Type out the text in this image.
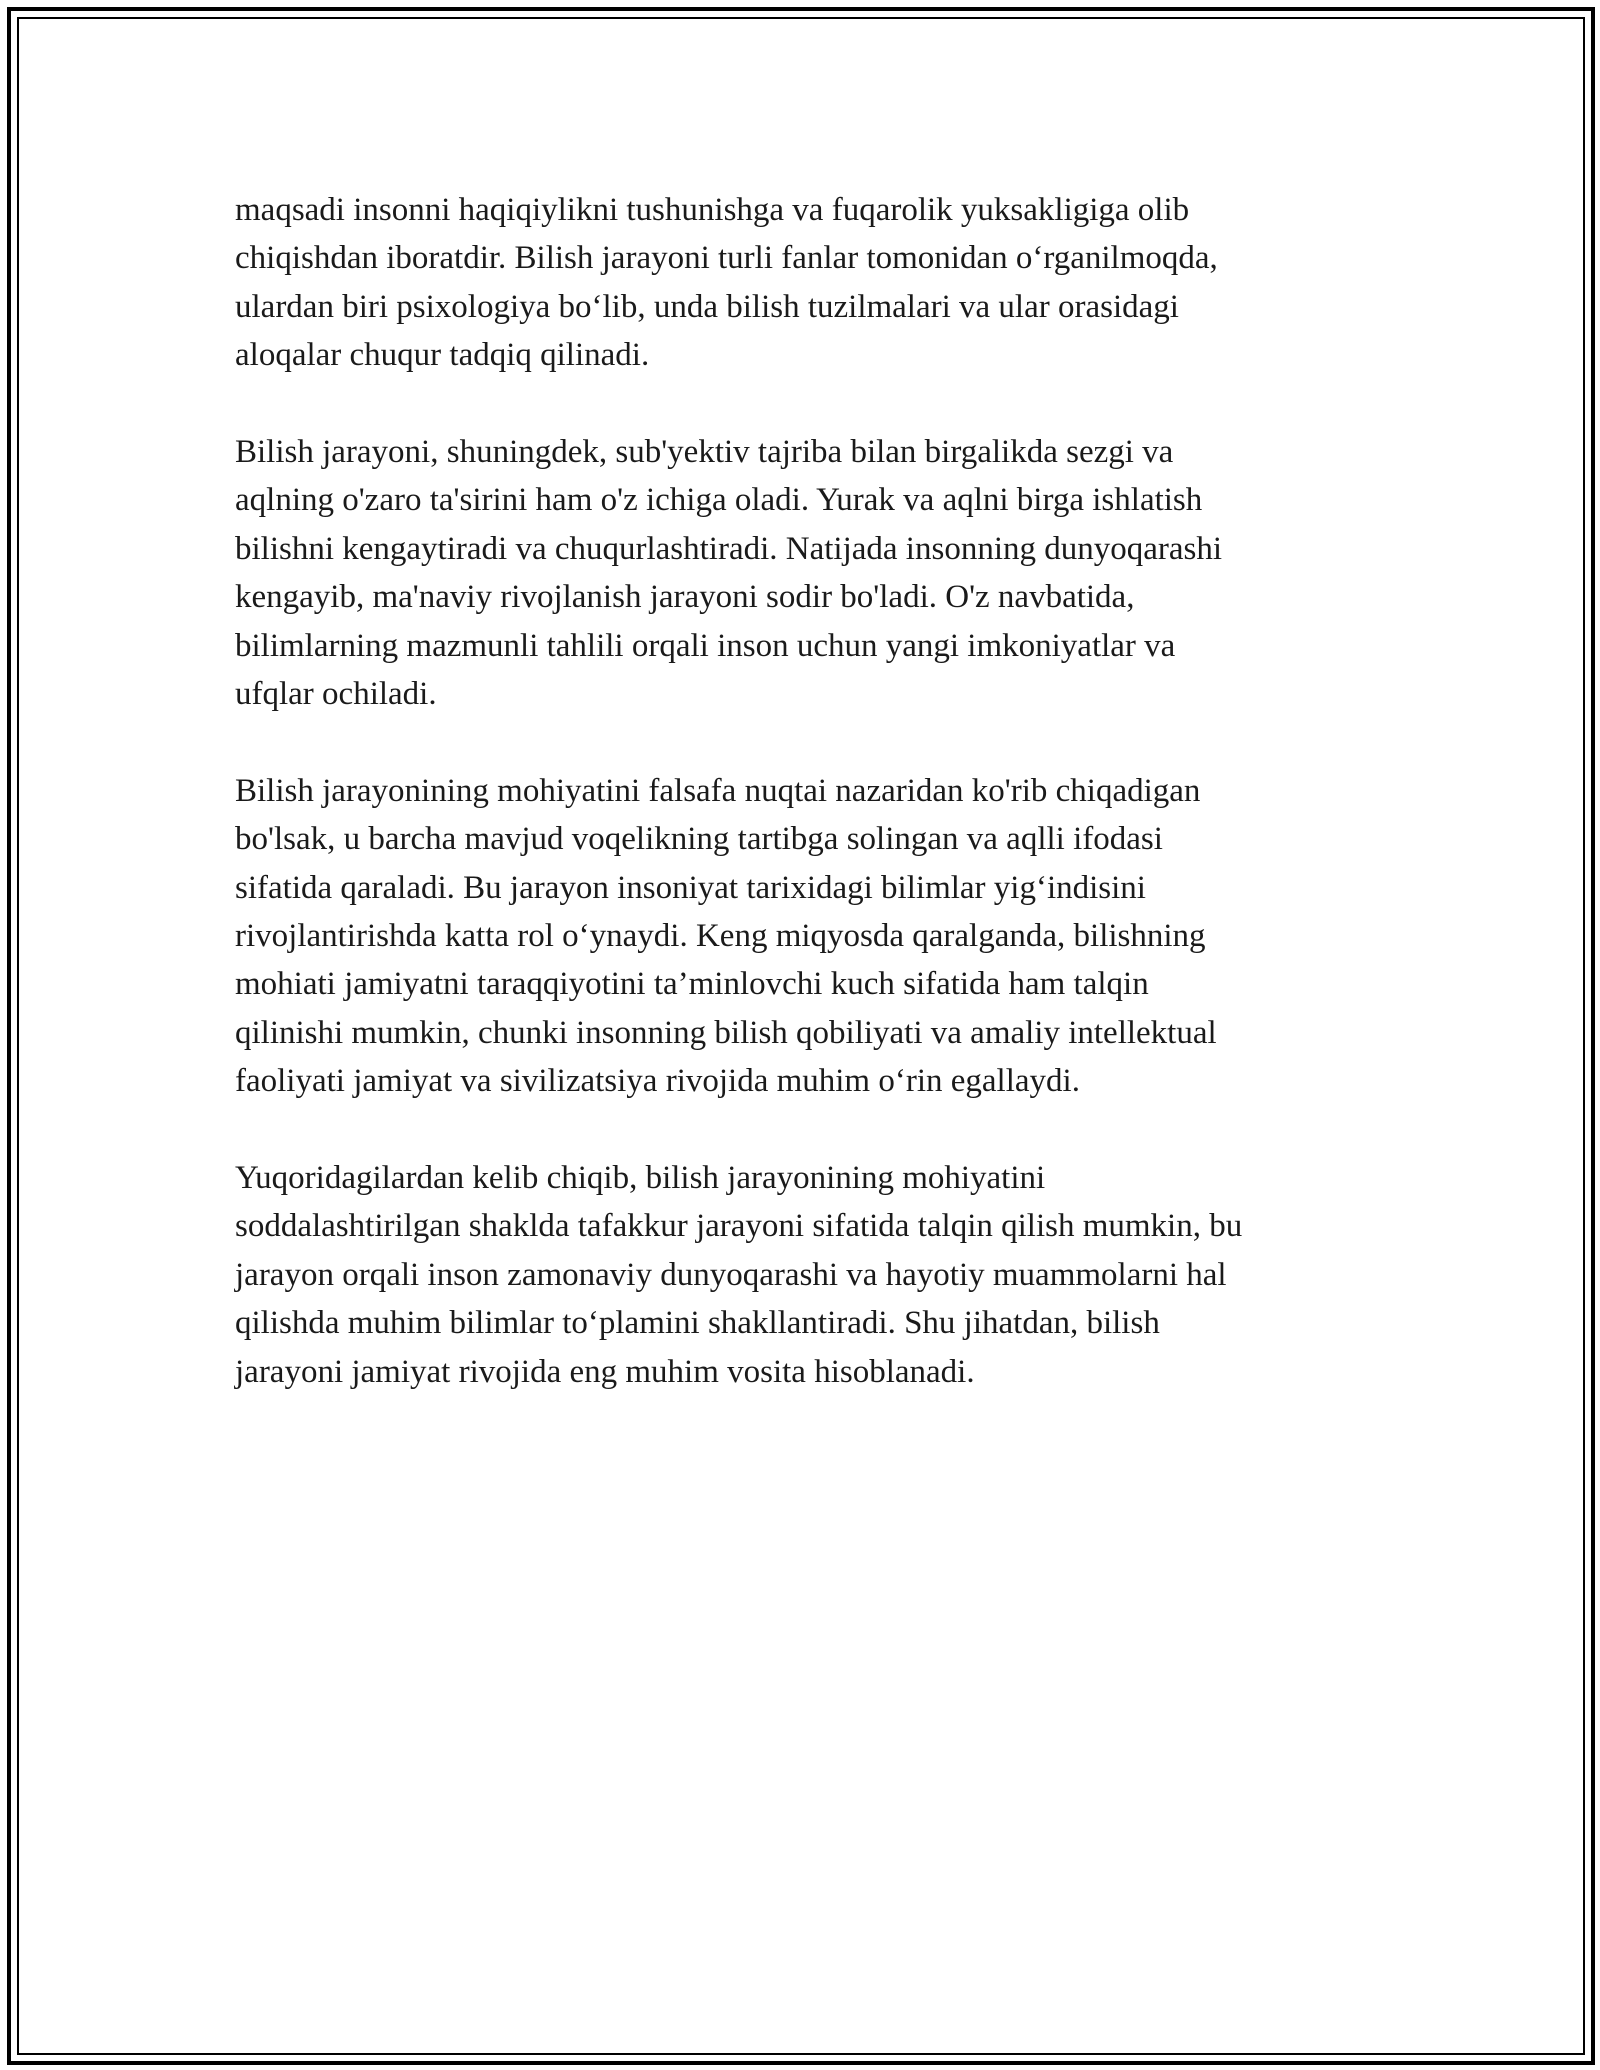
maqsadi insonni haqiqiylikni tushunishga va fuqarolik yuksakligiga olib
chiqishdan iboratdir. Bilish jarayoni turli fanlar tomonidan o‘rganilmoqda,
ulardan biri psixologiya bo‘lib, unda bilish tuzilmalari va ular orasidagi
aloqalar chuqur tadqiq qilinadi.

Bilish jarayoni, shuningdek, sub'yektiv tajriba bilan birgalikda sezgi va
aqlning o'zaro ta'sirini ham o'z ichiga oladi. Yurak va aqlni birga ishlatish
bilishni kengaytiradi va chuqurlashtiradi. Natijada insonning dunyoqarashi
kengayib, ma'naviy rivojlanish jarayoni sodir bo'ladi. O'z navbatida,
bilimlarning mazmunli tahlili orqali inson uchun yangi imkoniyatlar va
ufqlar ochiladi.

Bilish jarayonining mohiyatini falsafa nuqtai nazaridan ko'rib chiqadigan
bo'lsak, u barcha mavjud voqelikning tartibga solingan va aqlli ifodasi
sifatida qaraladi. Bu jarayon insoniyat tarixidagi bilimlar yig‘indisini
rivojlantirishda katta rol o‘ynaydi. Keng miqyosda qaralganda, bilishning
mohiati jamiyatni taraqqiyotini ta’minlovchi kuch sifatida ham talqin
qilinishi mumkin, chunki insonning bilish qobiliyati va amaliy intellektual
faoliyati jamiyat va sivilizatsiya rivojida muhim o‘rin egallaydi.

Yuqoridagilardan kelib chiqib, bilish jarayonining mohiyatini
soddalashtirilgan shaklda tafakkur jarayoni sifatida talqin qilish mumkin, bu
jarayon orqali inson zamonaviy dunyoqarashi va hayotiy muammolarni hal
qilishda muhim bilimlar to‘plamini shakllantiradi. Shu jihatdan, bilish
jarayoni jamiyat rivojida eng muhim vosita hisoblanadi.
